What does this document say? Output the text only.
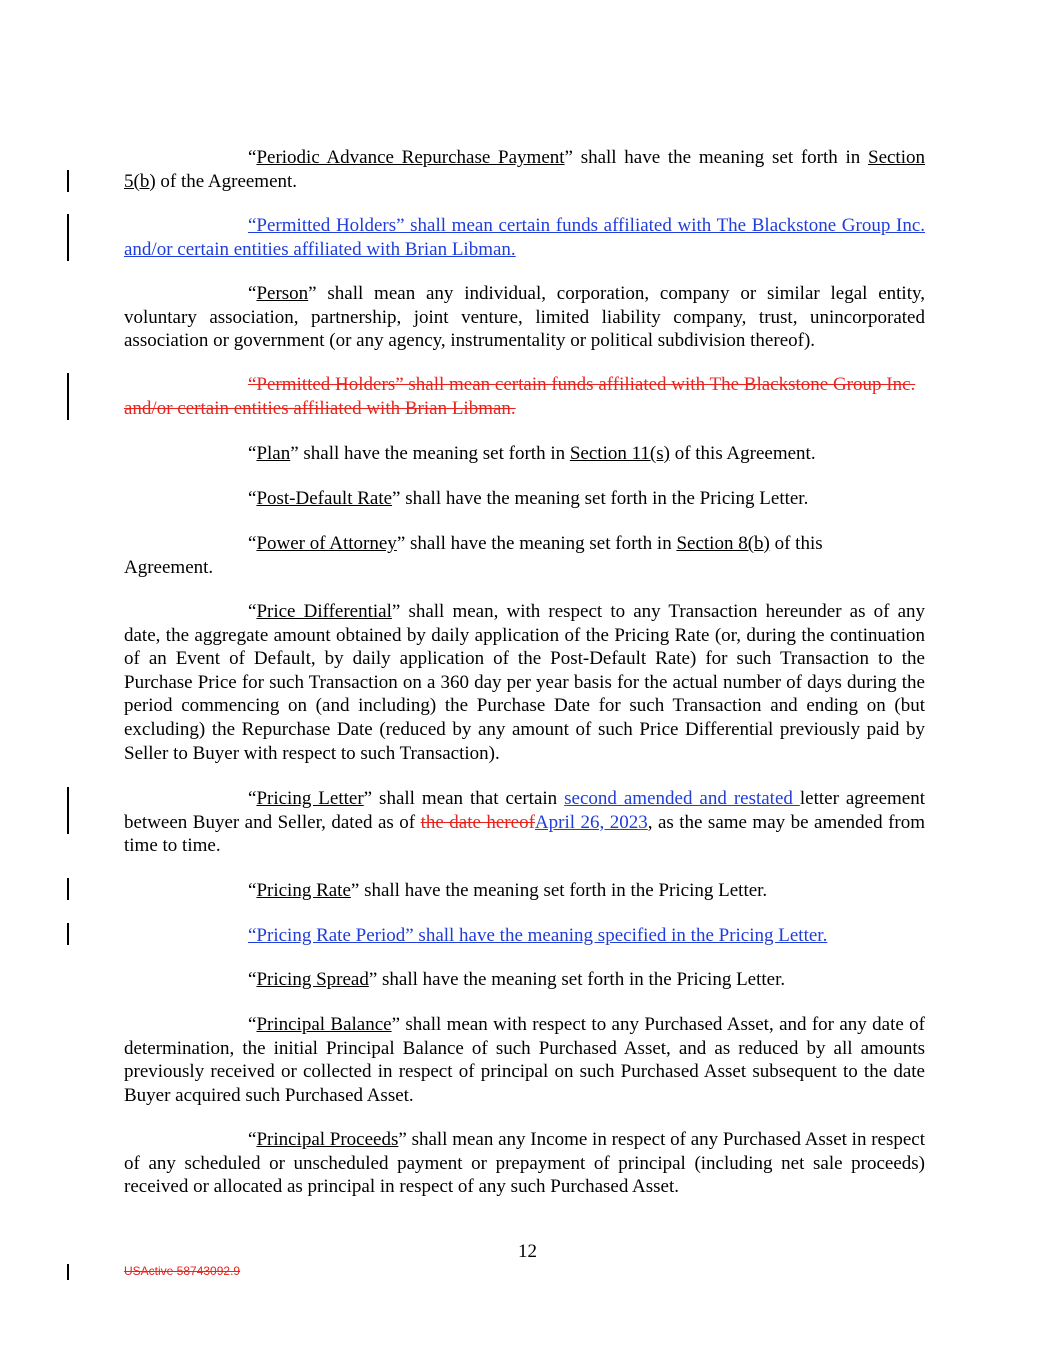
“Periodic Advance Repurchase Payment” shall have the meaning set forth in Section 5(b) of the Agreement.

“Permitted Holders” shall mean certain funds affiliated with The Blackstone Group Inc. and/or certain entities affiliated with Brian Libman.

“Person” shall mean any individual, corporation, company or similar legal entity, voluntary association, partnership, joint venture, limited liability company, trust, unincorporated association or government (or any agency, instrumentality or political subdivision thereof).

“Permitted Holders” shall mean certain funds affiliated with The Blackstone Group Inc. and/or certain entities affiliated with Brian Libman.

“Plan” shall have the meaning set forth in Section 11(s) of this Agreement.

“Post-Default Rate” shall have the meaning set forth in the Pricing Letter.

“Power of Attorney” shall have the meaning set forth in Section 8(b) of this Agreement.

“Price Differential” shall mean, with respect to any Transaction hereunder as of any date, the aggregate amount obtained by daily application of the Pricing Rate (or, during the continuation of an Event of Default, by daily application of the Post-Default Rate) for such Transaction to the Purchase Price for such Transaction on a 360 day per year basis for the actual number of days during the period commencing on (and including) the Purchase Date for such Transaction and ending on (but excluding) the Repurchase Date (reduced by any amount of such Price Differential previously paid by Seller to Buyer with respect to such Transaction).

“Pricing Letter” shall mean that certain second amended and restated letter agreement between Buyer and Seller, dated as of the date hereofApril 26, 2023, as the same may be amended from time to time.

“Pricing Rate” shall have the meaning set forth in the Pricing Letter.

“Pricing Rate Period” shall have the meaning specified in the Pricing Letter.

“Pricing Spread” shall have the meaning set forth in the Pricing Letter.

“Principal Balance” shall mean with respect to any Purchased Asset, and for any date of determination, the initial Principal Balance of such Purchased Asset, and as reduced by all amounts previously received or collected in respect of principal on such Purchased Asset subsequent to the date Buyer acquired such Purchased Asset.

“Principal Proceeds” shall mean any Income in respect of any Purchased Asset in respect of any scheduled or unscheduled payment or prepayment of principal (including net sale proceeds) received or allocated as principal in respect of any such Purchased Asset.

12
USActive 58743092.9
